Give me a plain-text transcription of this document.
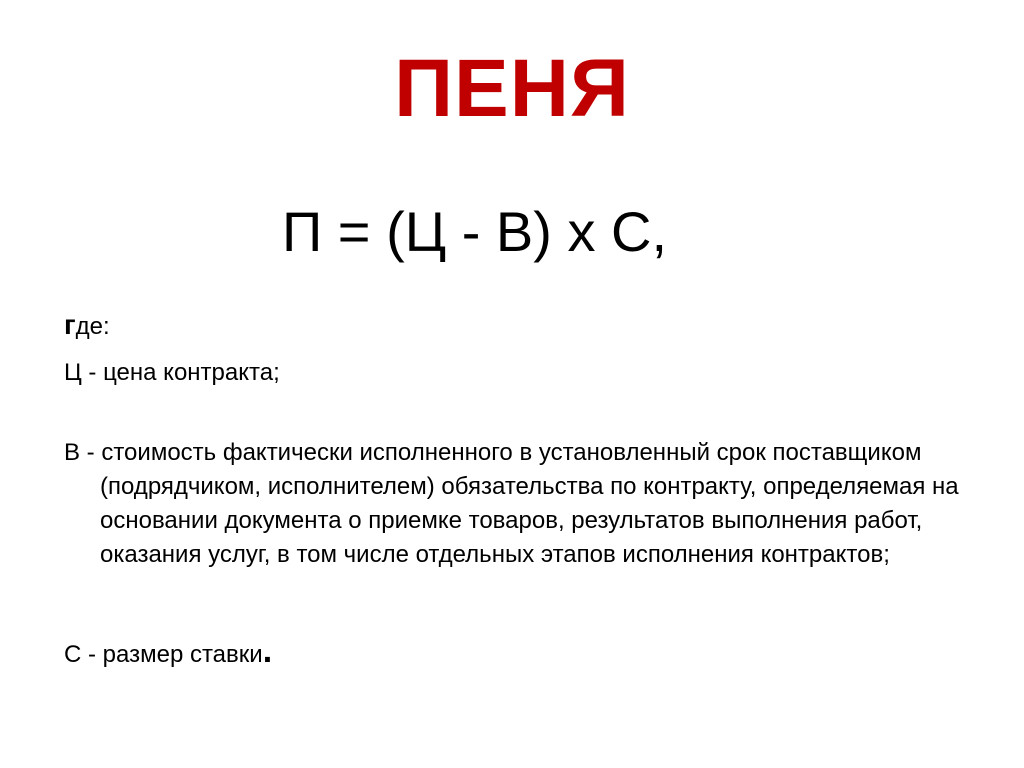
ПЕНЯ
П = (Ц - В) х С,
где:
Ц - цена контракта;
В - стоимость фактически исполненного в установленный срок поставщиком (подрядчиком, исполнителем) обязательства по контракту, определяемая на основании документа о приемке товаров, результатов выполнения работ, оказания услуг, в том числе отдельных этапов исполнения контрактов;
С - размер ставки.
